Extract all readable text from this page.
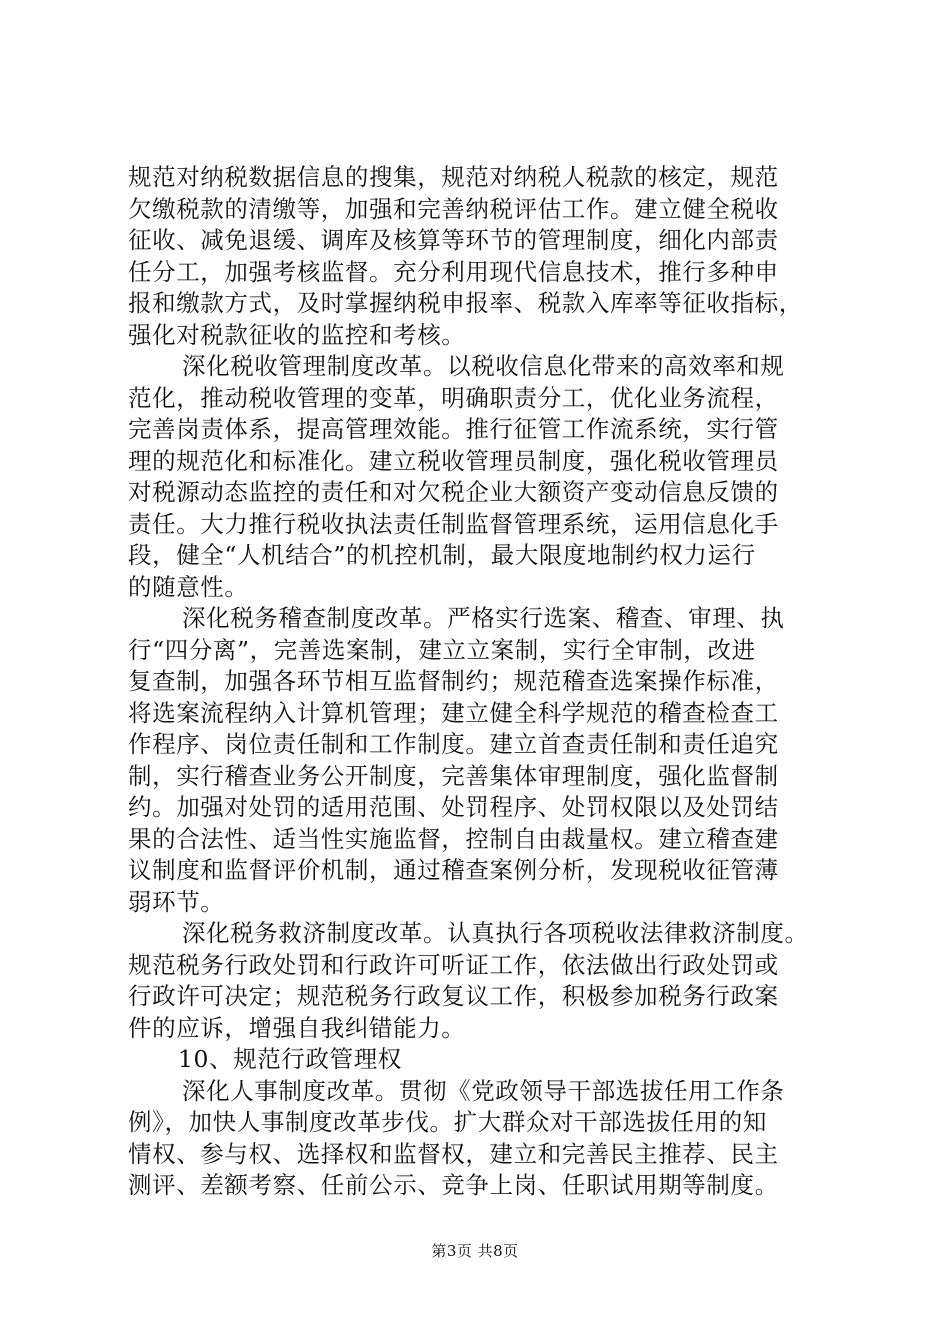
规范对纳税数据信息的搜集，规范对纳税人税款的核定，规范
欠缴税款的清缴等，加强和完善纳税评估工作。建立健全税收
征收、减免退缓、调库及核算等环节的管理制度，细化内部责
任分工，加强考核监督。充分利用现代信息技术，推行多种申
报和缴款方式，及时掌握纳税申报率、税款入库率等征收指标，
强化对税款征收的监控和考核。
深化税收管理制度改革。以税收信息化带来的高效率和规
范化，推动税收管理的变革，明确职责分工，优化业务流程，
完善岗责体系，提高管理效能。推行征管工作流系统，实行管
理的规范化和标准化。建立税收管理员制度，强化税收管理员
对税源动态监控的责任和对欠税企业大额资产变动信息反馈的
责任。大力推行税收执法责任制监督管理系统，运用信息化手
段，健全“人机结合”的机控机制，最大限度地制约权力运行
的随意性。
深化税务稽查制度改革。严格实行选案、稽查、审理、执
行“四分离”，完善选案制，建立立案制，实行全审制，改进
复查制，加强各环节相互监督制约；规范稽查选案操作标准，
将选案流程纳入计算机管理；建立健全科学规范的稽查检查工
作程序、岗位责任制和工作制度。建立首查责任制和责任追究
制，实行稽查业务公开制度，完善集体审理制度，强化监督制
约。加强对处罚的适用范围、处罚程序、处罚权限以及处罚结
果的合法性、适当性实施监督，控制自由裁量权。建立稽查建
议制度和监督评价机制，通过稽查案例分析，发现税收征管薄
弱环节。
深化税务救济制度改革。认真执行各项税收法律救济制度。
规范税务行政处罚和行政许可听证工作，依法做出行政处罚或
行政许可决定；规范税务行政复议工作，积极参加税务行政案
件的应诉，增强自我纠错能力。
10、规范行政管理权
深化人事制度改革。贯彻《党政领导干部选拔任用工作条
例》，加快人事制度改革步伐。扩大群众对干部选拔任用的知
情权、参与权、选择权和监督权，建立和完善民主推荐、民主
测评、差额考察、任前公示、竞争上岗、任职试用期等制度。
第3页 共8页
